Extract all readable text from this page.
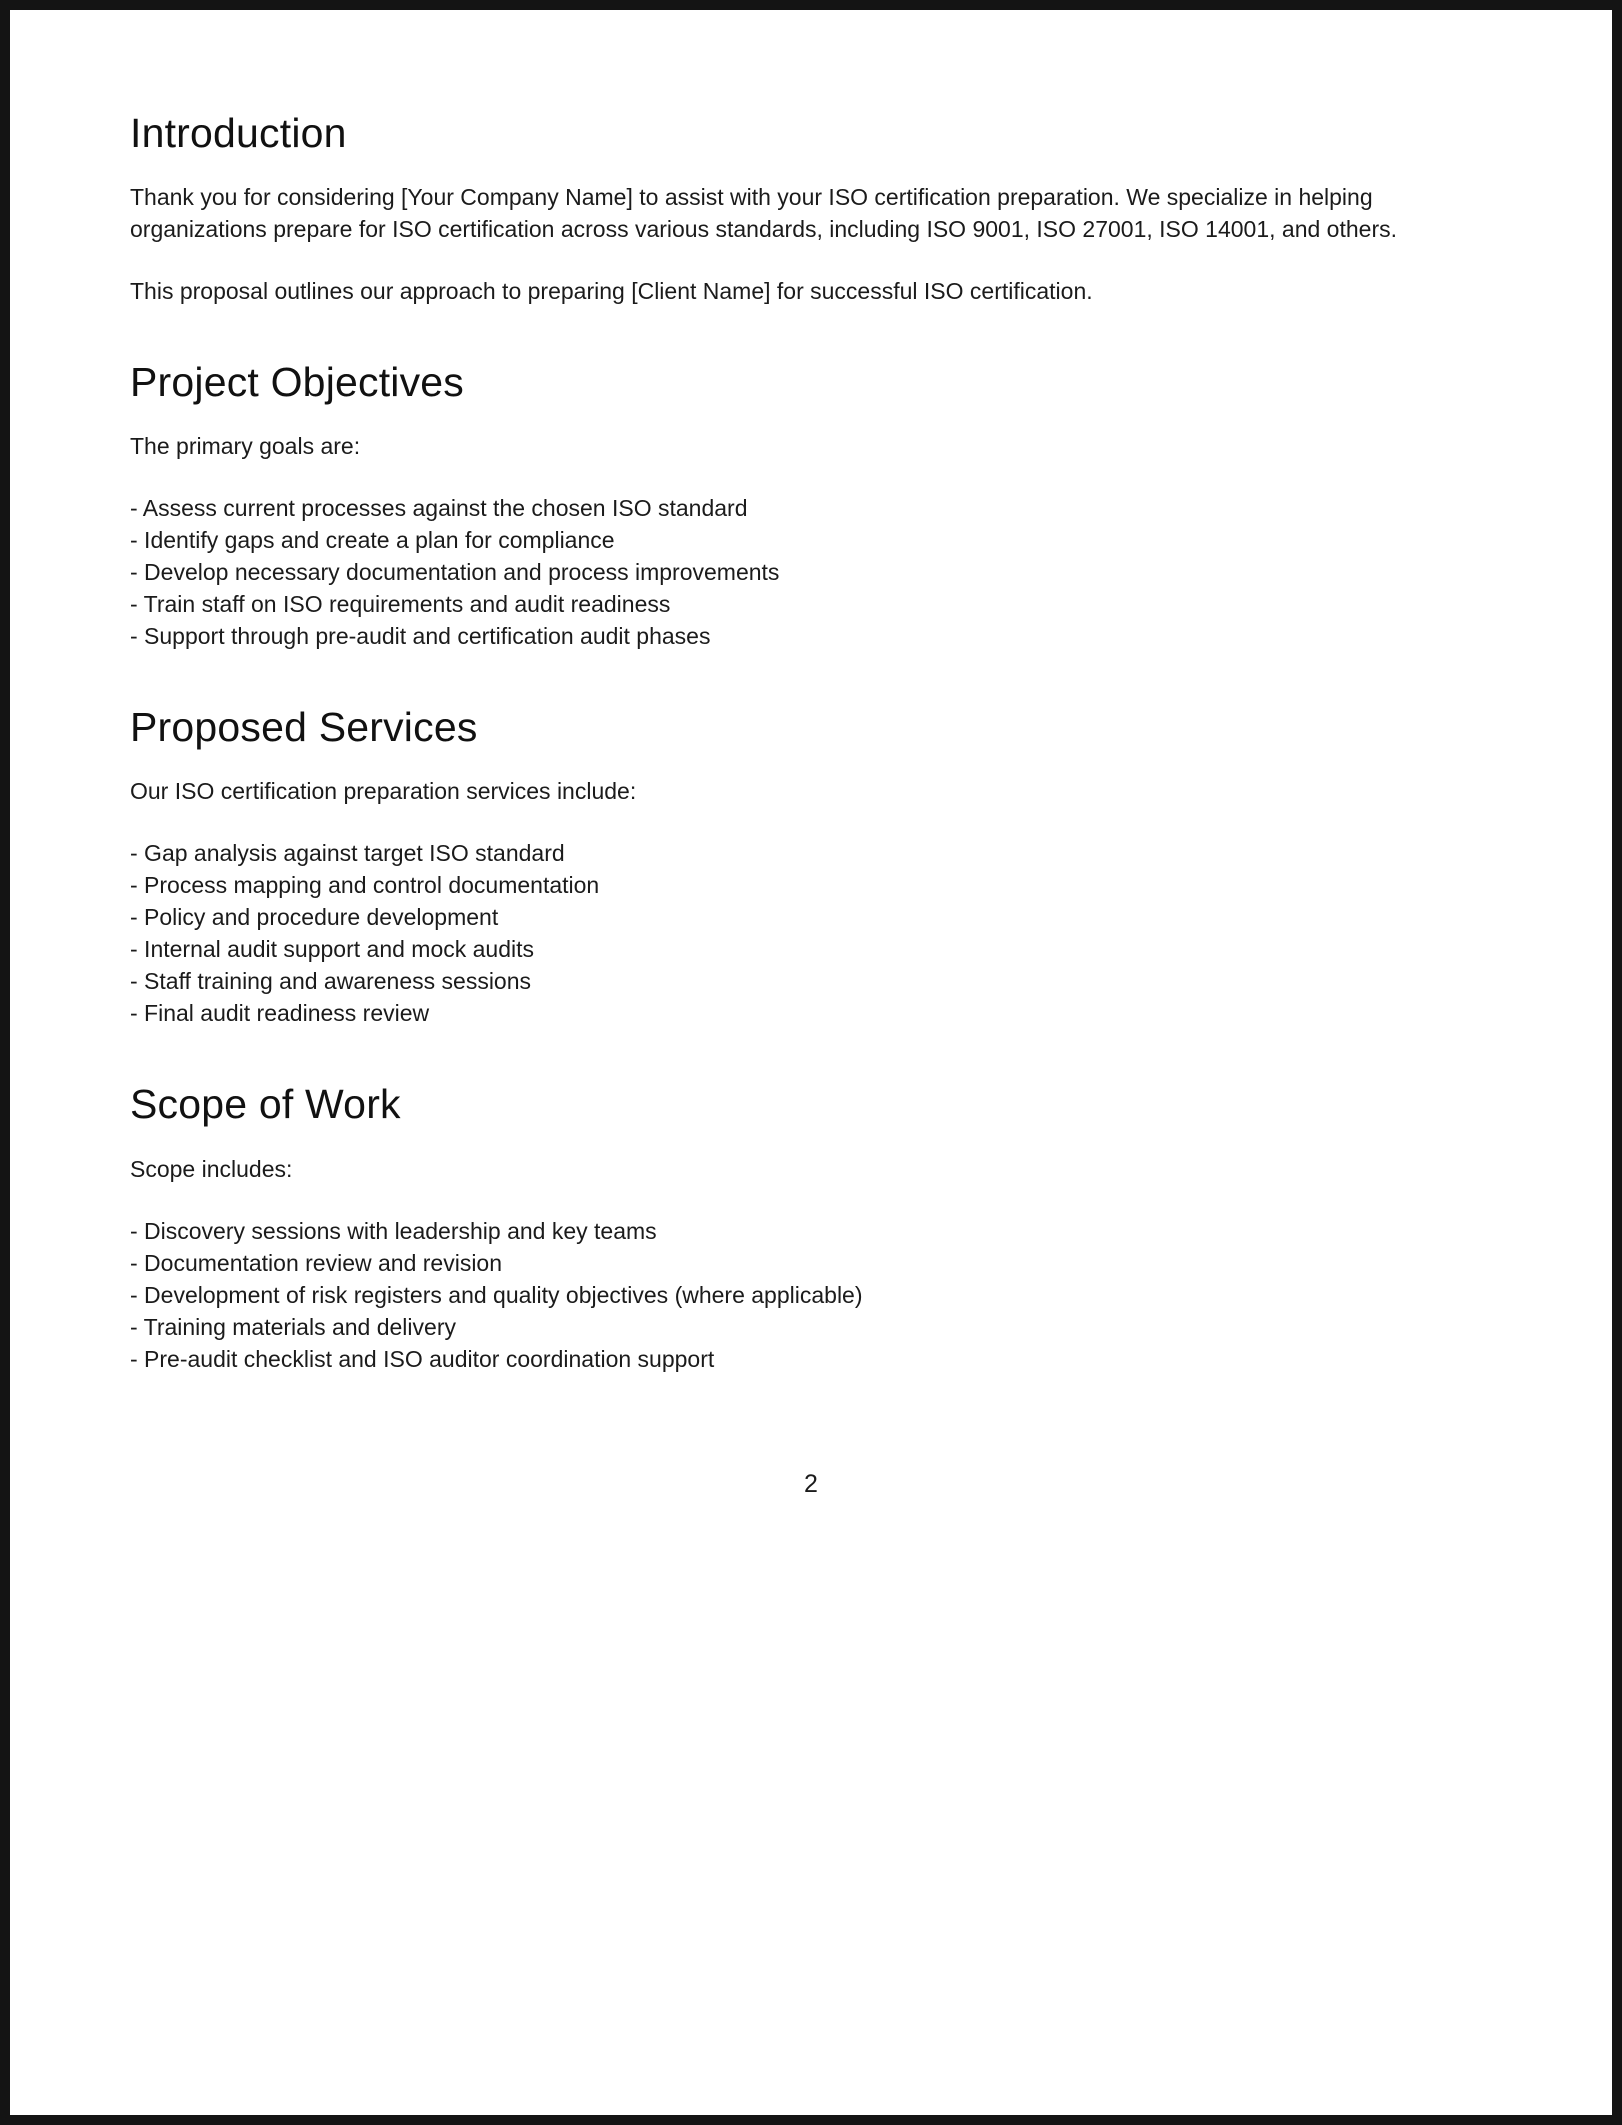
Introduction

Thank you for considering [Your Company Name] to assist with your ISO certification preparation. We specialize in helping organizations prepare for ISO certification across various standards, including ISO 9001, ISO 27001, ISO 14001, and others.

This proposal outlines our approach to preparing [Client Name] for successful ISO certification.

Project Objectives

The primary goals are:

- Assess current processes against the chosen ISO standard
- Identify gaps and create a plan for compliance
- Develop necessary documentation and process improvements
- Train staff on ISO requirements and audit readiness
- Support through pre-audit and certification audit phases
Proposed Services

Our ISO certification preparation services include:

- Gap analysis against target ISO standard
- Process mapping and control documentation
- Policy and procedure development
- Internal audit support and mock audits
- Staff training and awareness sessions
- Final audit readiness review
Scope of Work

Scope includes:

- Discovery sessions with leadership and key teams
- Documentation review and revision
- Development of risk registers and quality objectives (where applicable)
- Training materials and delivery
- Pre-audit checklist and ISO auditor coordination support
2
